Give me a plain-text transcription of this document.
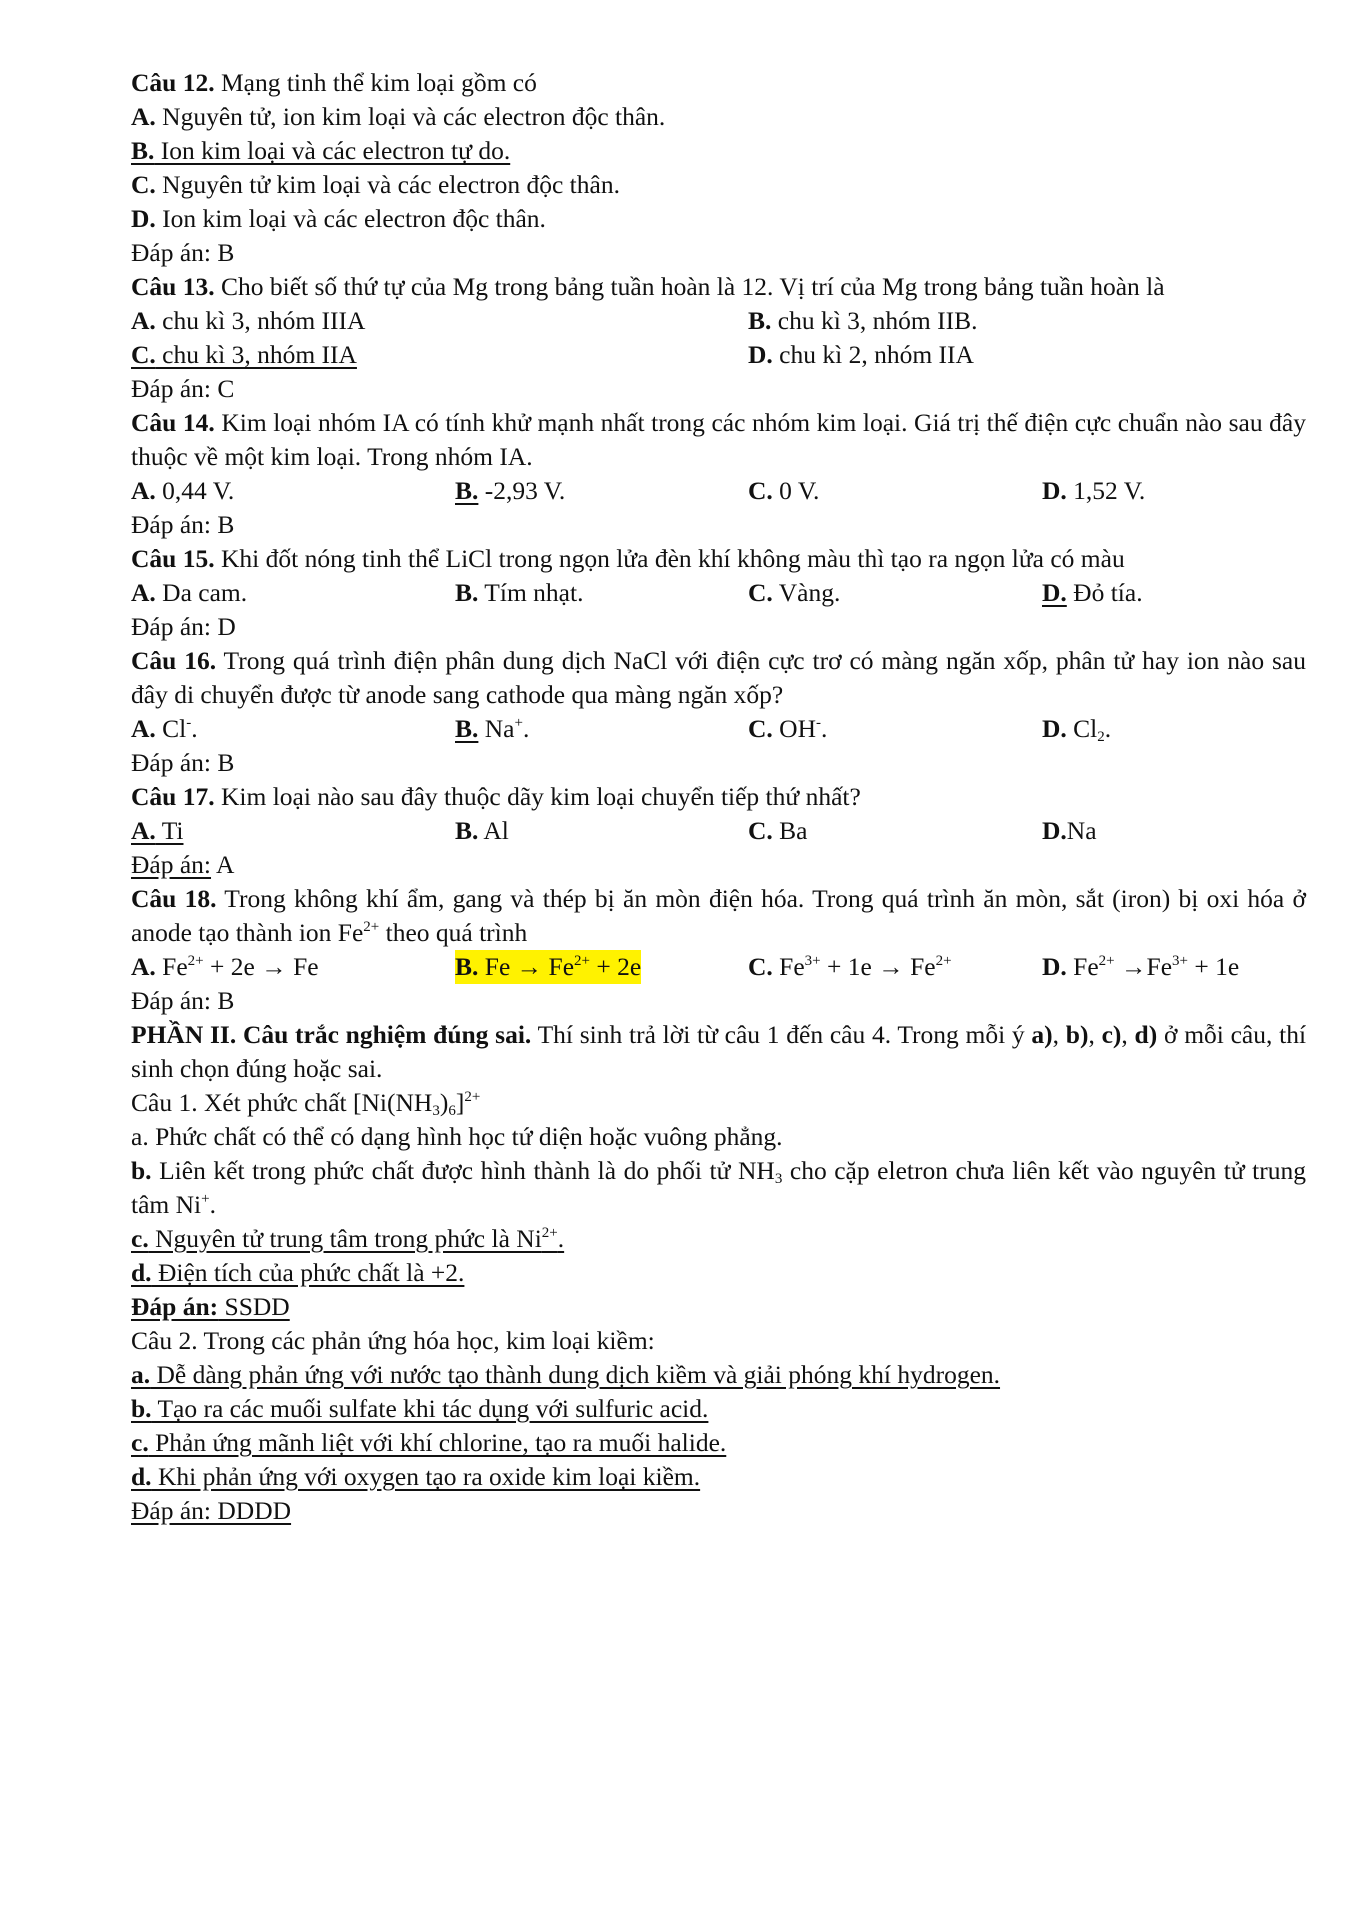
Câu 12. Mạng tinh thể kim loại gồm có
A. Nguyên tử, ion kim loại và các electron độc thân.
B. Ion kim loại và các electron tự do.
C. Nguyên tử kim loại và các electron độc thân.
D. Ion kim loại và các electron độc thân.
Đáp án: B
Câu 13. Cho biết số thứ tự của Mg trong bảng tuần hoàn là 12. Vị trí của Mg trong bảng tuần hoàn là
A. chu kì 3, nhóm IIIA	B. chu kì 3, nhóm IIB.
C. chu kì 3, nhóm IIA	D. chu kì 2, nhóm IIA
Đáp án: C
Câu 14. Kim loại nhóm IA có tính khử mạnh nhất trong các nhóm kim loại. Giá trị thế điện cực chuẩn nào sau đây thuộc về một kim loại. Trong nhóm IA.
A. 0,44 V.	B. -2,93 V.	C. 0 V.	D. 1,52 V.
Đáp án: B
Câu 15. Khi đốt nóng tinh thể LiCl trong ngọn lửa đèn khí không màu thì tạo ra ngọn lửa có màu
A. Da cam.	B. Tím nhạt.	C. Vàng.	D. Đỏ tía.
Đáp án: D
Câu 16. Trong quá trình điện phân dung dịch NaCl với điện cực trơ có màng ngăn xốp, phân tử hay ion nào sau đây di chuyển được từ anode sang cathode qua màng ngăn xốp?
A. Cl-.	B. Na+.	C. OH-.	D. $Cl_2$.
Đáp án: B
Câu 17. Kim loại nào sau đây thuộc dãy kim loại chuyển tiếp thứ nhất?
A. Ti	B. Al	C. Ba	D.Na
Đáp án: A
Câu 18. Trong không khí ẩm, gang và thép bị ăn mòn điện hóa. Trong quá trình ăn mòn, sắt (iron) bị oxi hóa ở anode tạo thành ion $Fe^{2+}$ theo quá trình
A. $Fe^{2+} + 2e \to Fe$	B. $Fe \to Fe^{2+} + 2e$	C. $Fe^{3+} + 1e \to Fe^{2+}$	D. $Fe^{2+} \to Fe^{3+} + 1e$
Đáp án: B
PHẦN II. Câu trắc nghiệm đúng sai. Thí sinh trả lời từ câu 1 đến câu 4. Trong mỗi ý a), b), c), d) ở mỗi câu, thí sinh chọn đúng hoặc sai.
Câu 1. Xét phức chất $[Ni(NH_3)_6]^{2+}$
a. Phức chất có thể có dạng hình học tứ diện hoặc vuông phẳng.
b. Liên kết trong phức chất được hình thành là do phối tử $NH_3$ cho cặp eletron chưa liên kết vào nguyên tử trung tâm Ni+.
c. Nguyên tử trung tâm trong phức là $Ni^{2+}$.
d. Điện tích của phức chất là +2.
Đáp án: SSDD
Câu 2. Trong các phản ứng hóa học, kim loại kiềm:
a. Dễ dàng phản ứng với nước tạo thành dung dịch kiềm và giải phóng khí hydrogen.
b. Tạo ra các muối sulfate khi tác dụng với sulfuric acid.
c. Phản ứng mãnh liệt với khí chlorine, tạo ra muối halide.
d. Khi phản ứng với oxygen tạo ra oxide kim loại kiềm.
Đáp án: DDDD
